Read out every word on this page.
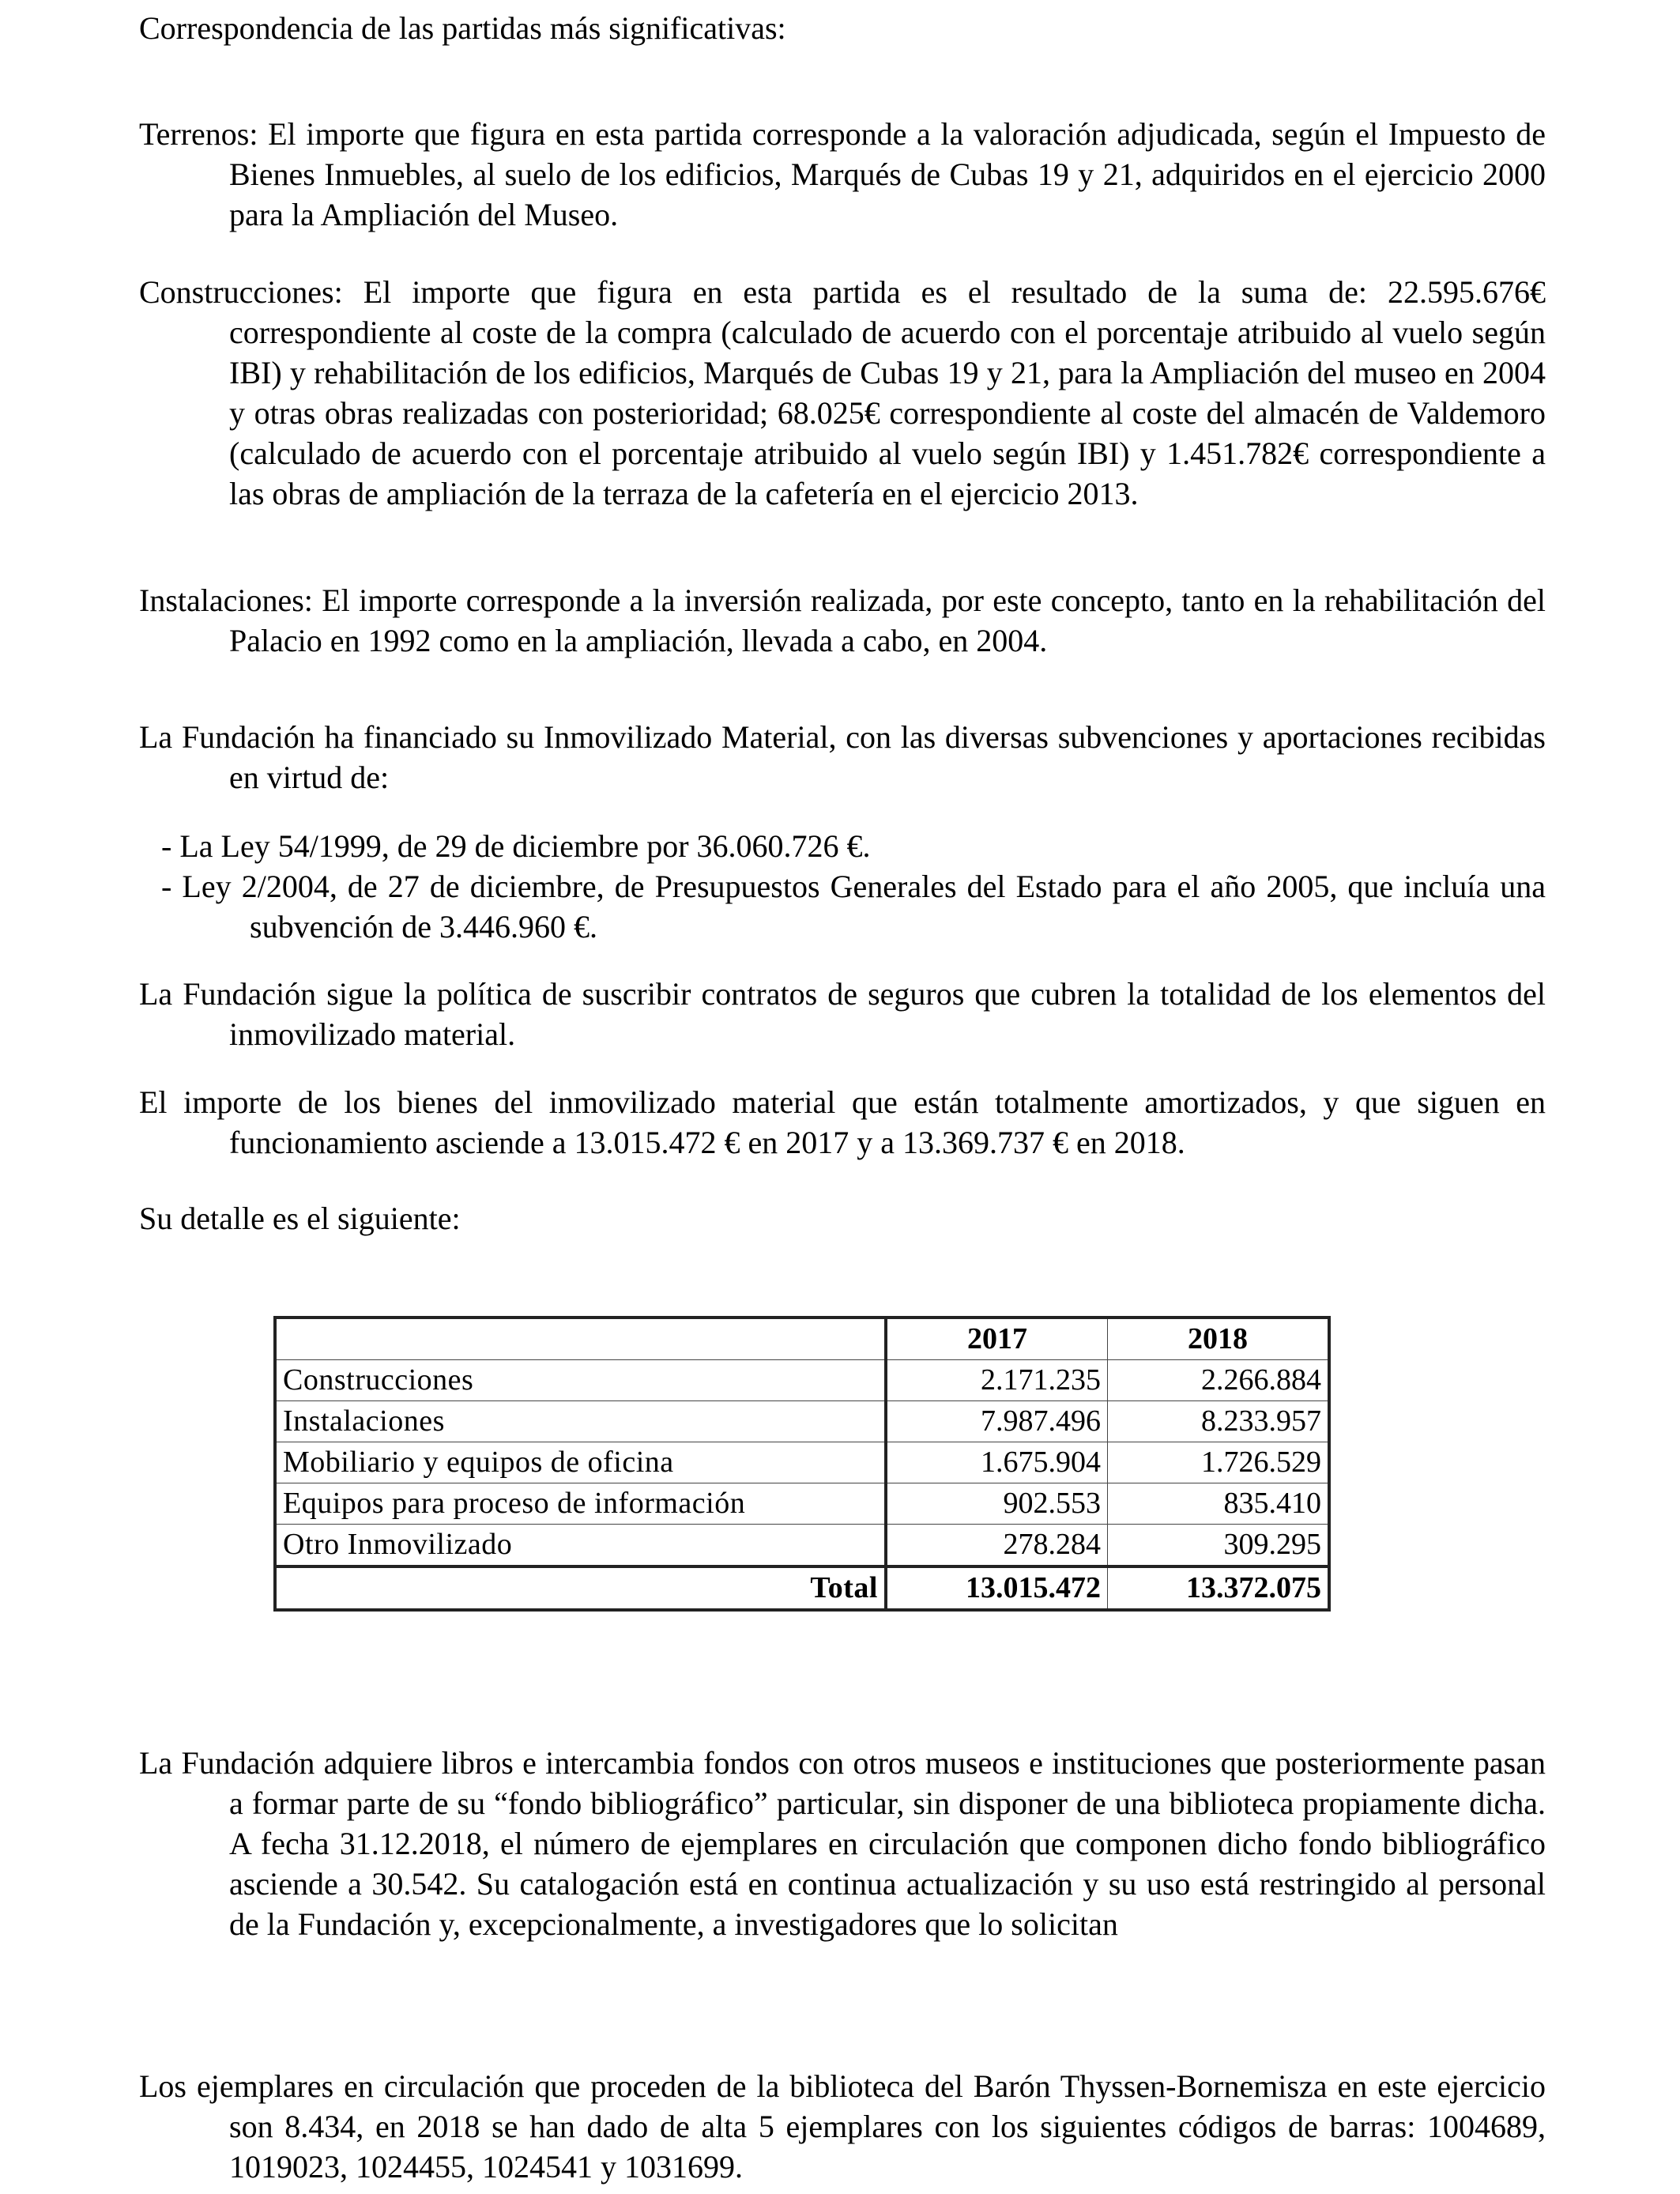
Correspondencia de las partidas más significativas:
Terrenos: El importe que figura en esta partida corresponde a la valoración adjudicada, según el Impuesto de Bienes Inmuebles, al suelo de los edificios, Marqués de Cubas 19 y 21, adquiridos en el ejercicio 2000 para la Ampliación del Museo.
Construcciones: El importe que figura en esta partida es el resultado de la suma de: 22.595.676€ correspondiente al coste de la compra (calculado de acuerdo con el porcentaje atribuido al vuelo según IBI) y rehabilitación de los edificios, Marqués de Cubas 19 y 21, para la Ampliación del museo en 2004 y otras obras realizadas con posterioridad; 68.025€ correspondiente al coste del almacén de Valdemoro (calculado de acuerdo con el porcentaje atribuido al vuelo según IBI) y 1.451.782€ correspondiente a las obras de ampliación de la terraza de la cafetería en el ejercicio 2013.
Instalaciones: El importe corresponde a la inversión realizada, por este concepto, tanto en la rehabilitación del Palacio en 1992 como en la ampliación, llevada a cabo, en 2004.
La Fundación ha financiado su Inmovilizado Material, con las diversas subvenciones y aportaciones recibidas en virtud de:
- La Ley 54/1999, de 29 de diciembre por 36.060.726 €.
- Ley 2/2004, de 27 de diciembre, de Presupuestos Generales del Estado para el año 2005, que incluía una subvención de 3.446.960 €.
La Fundación sigue la política de suscribir contratos de seguros que cubren la totalidad de los elementos del inmovilizado material.
El importe de los bienes del inmovilizado material que están totalmente amortizados, y que siguen en funcionamiento asciende a 13.015.472 € en 2017 y a 13.369.737 € en 2018.
Su detalle es el siguiente:
	2017	2018
Construcciones	2.171.235	2.266.884
Instalaciones	7.987.496	8.233.957
Mobiliario y equipos de oficina	1.675.904	1.726.529
Equipos para proceso de información	902.553	835.410
Otro Inmovilizado	278.284	309.295
Total	13.015.472	13.372.075
La Fundación adquiere libros e intercambia fondos con otros museos e instituciones que posteriormente pasan a formar parte de su “fondo bibliográfico” particular, sin disponer de una biblioteca propiamente dicha. A fecha 31.12.2018, el número de ejemplares en circulación que componen dicho fondo bibliográfico asciende a 30.542. Su catalogación está en continua actualización y su uso está restringido al personal de la Fundación y, excepcionalmente, a investigadores que lo solicitan
Los ejemplares en circulación que proceden de la biblioteca del Barón Thyssen-Bornemisza en este ejercicio son 8.434, en 2018 se han dado de alta 5 ejemplares con los siguientes códigos de barras: 1004689, 1019023, 1024455, 1024541 y 1031699.
